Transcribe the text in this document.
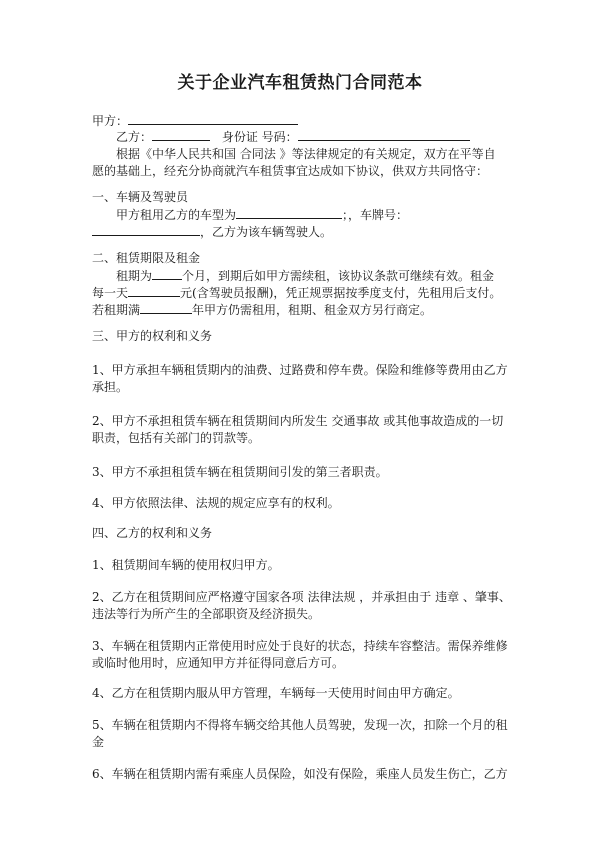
关于企业汽车租赁热门合同范本
甲方：
乙方：	身份证 号码：
根据《中华人民共和国 合同法 》等法律规定的有关规定，双方在平等自
愿的基础上，经充分协商就汽车租赁事宜达成如下协议，供双方共同恪守：
一、车辆及驾驶员
甲方租用乙方的车型为	；，车牌号：
，乙方为该车辆驾驶人。
二、租赁期限及租金
租期为	个月，到期后如甲方需续租，该协议条款可继续有效。租金
每一天	元(含驾驶员报酬)，凭正规票据按季度支付，先租用后支付。
若租期满	年甲方仍需租用，租期、租金双方另行商定。
三、甲方的权利和义务
1、甲方承担车辆租赁期内的油费、过路费和停车费。保险和维修等费用由乙方
承担。
2、甲方不承担租赁车辆在租赁期间内所发生 交通事故 或其他事故造成的一切
职责，包括有关部门的罚款等。
3、甲方不承担租赁车辆在租赁期间引发的第三者职责。
4、甲方依照法律、法规的规定应享有的权利。
四、乙方的权利和义务
1、租赁期间车辆的使用权归甲方。
2、乙方在租赁期间应严格遵守国家各项 法律法规 ，并承担由于 违章 、肇事、
违法等行为所产生的全部职资及经济损失。
3、车辆在租赁期内正常使用时应处于良好的状态，持续车容整洁。需保养维修
或临时他用时，应通知甲方并征得同意后方可。
4、乙方在租赁期内服从甲方管理，车辆每一天使用时间由甲方确定。
5、车辆在租赁期内不得将车辆交给其他人员驾驶，发现一次，扣除一个月的租
金
6、车辆在租赁期内需有乘座人员保险，如没有保险，乘座人员发生伤亡，乙方
